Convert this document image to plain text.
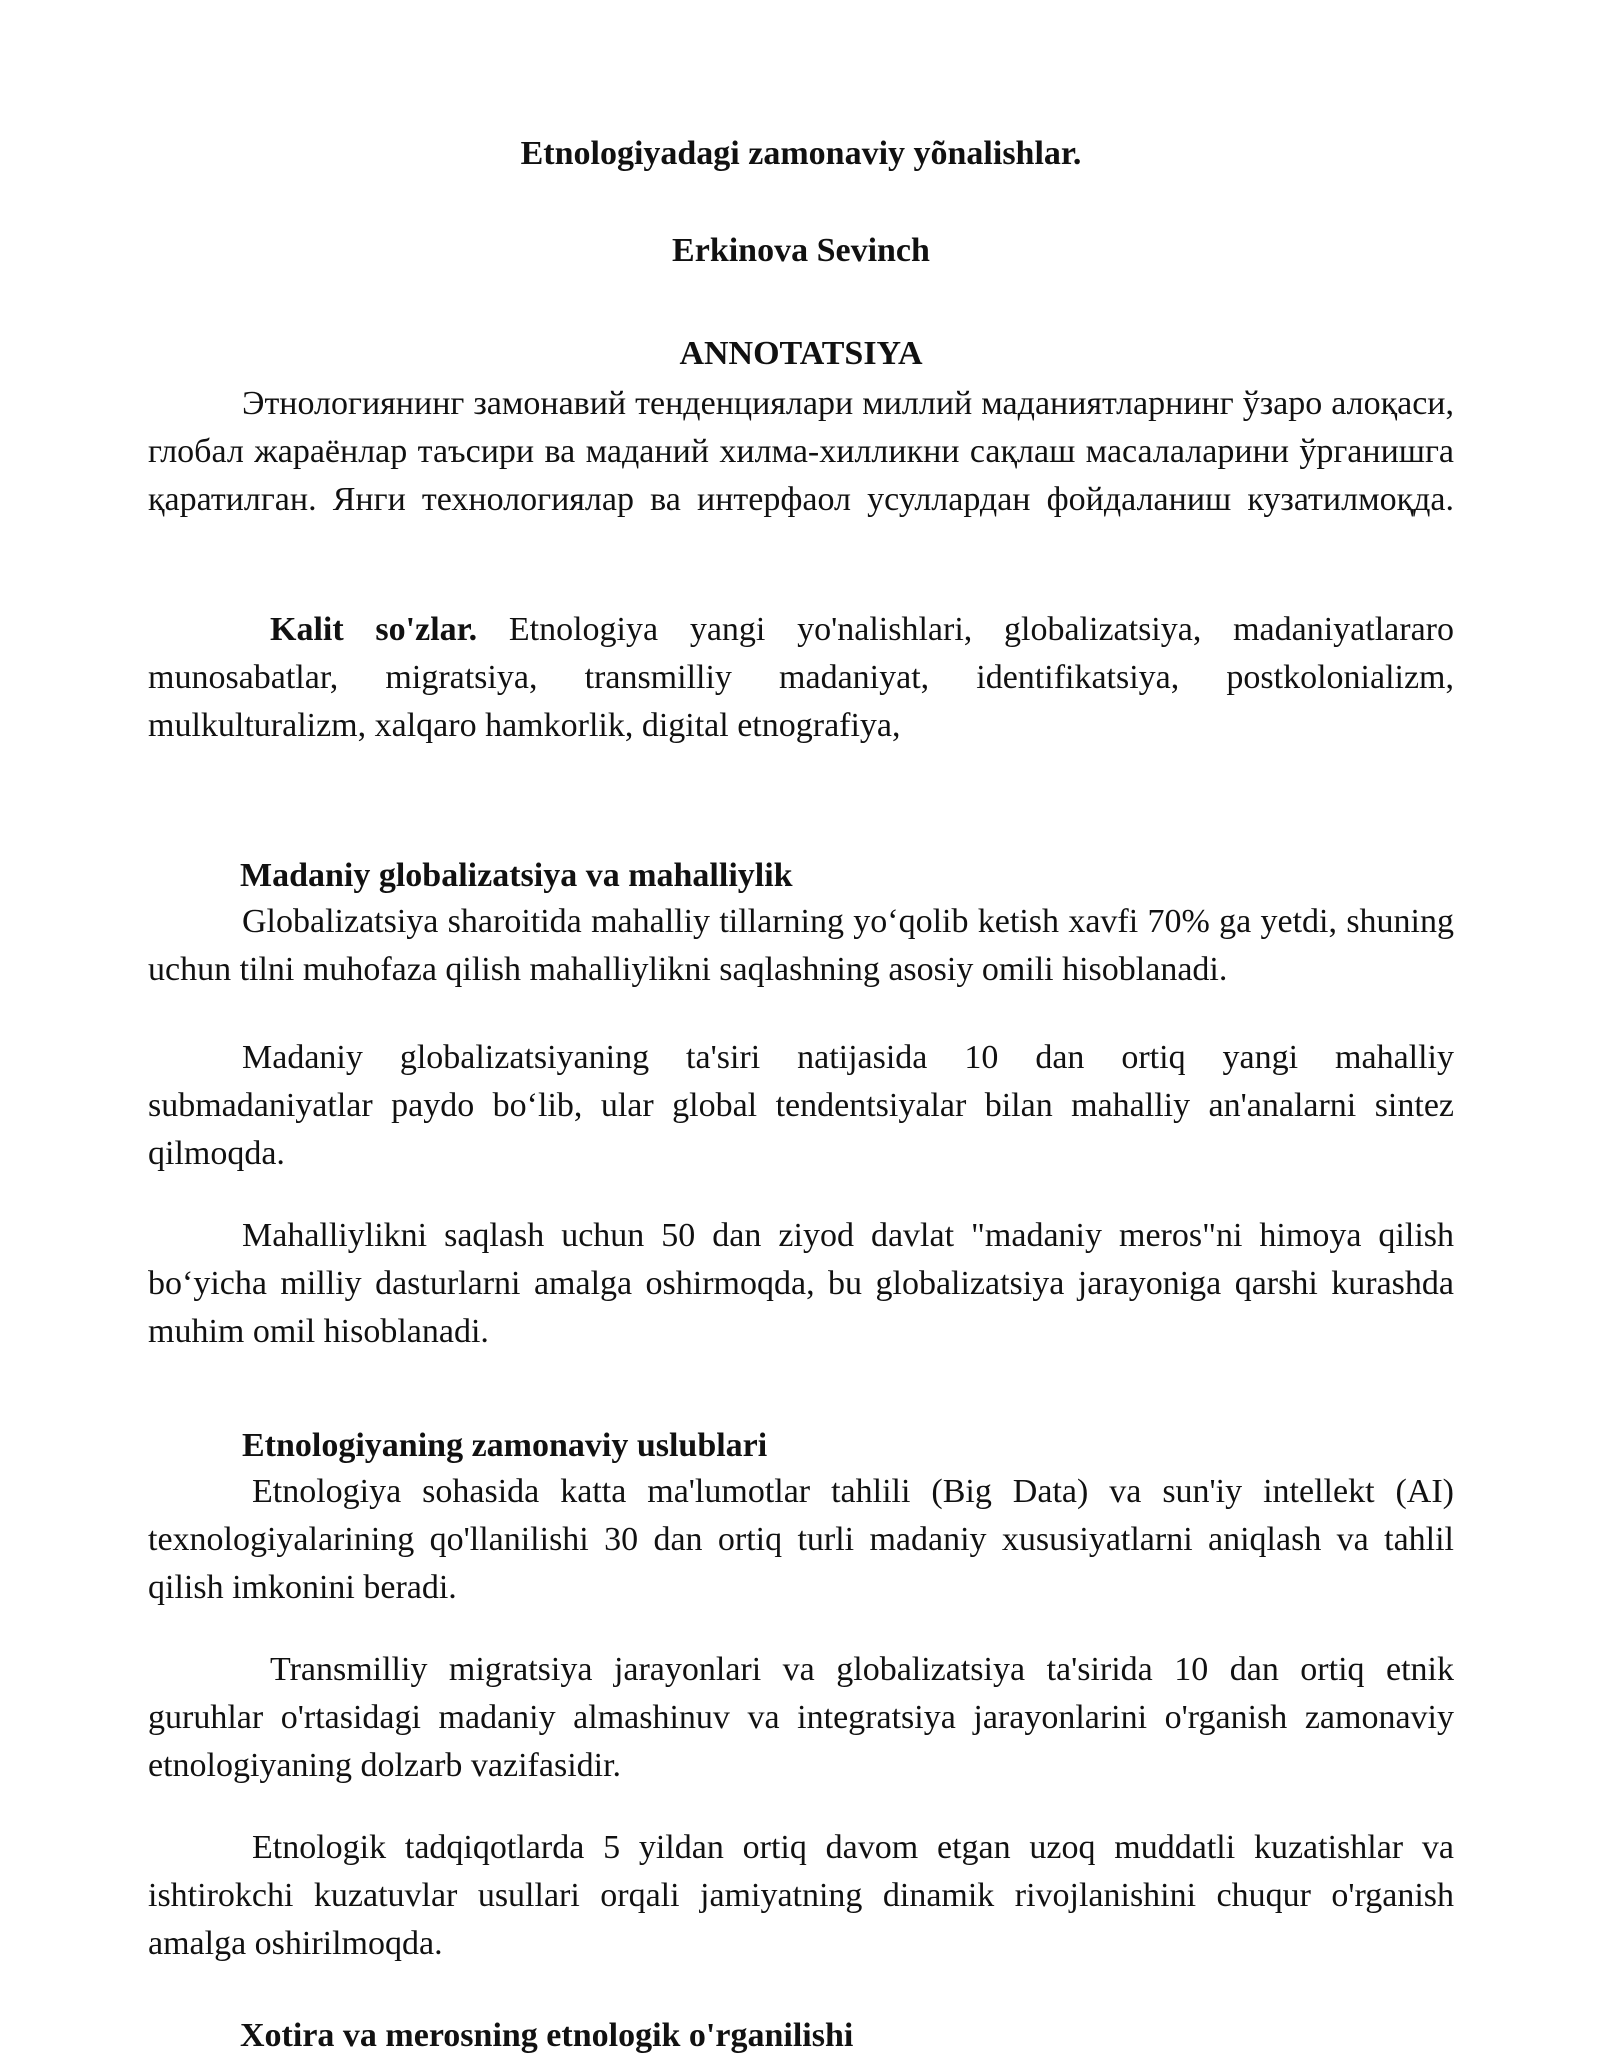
Etnologiyadagi zamonaviy yõnalishlar.
Erkinova Sevinch
ANNOTATSIYA

Этнологиянинг замонавий тенденциялари миллий маданиятларнинг ўзаро алоқаси, глобал жараёнлар таъсири ва маданий хилма-хилликни сақлаш масалаларини ўрганишга қаратилган. Янги технологиялар ва интерфаол усуллардан фойдаланиш кузатилмоқда.

Kalit so'zlar. Etnologiya yangi yo'nalishlari, globalizatsiya, madaniyatlararo munosabatlar, migratsiya, transmilliy madaniyat, identifikatsiya, postkolonializm, mulkulturalizm, xalqaro hamkorlik, digital etnografiya,

Madaniy globalizatsiya va mahalliylik

Globalizatsiya sharoitida mahalliy tillarning yo‘qolib ketish xavfi 70% ga yetdi, shuning uchun tilni muhofaza qilish mahalliylikni saqlashning asosiy omili hisoblanadi.

Madaniy globalizatsiyaning ta'siri natijasida 10 dan ortiq yangi mahalliy submadaniyatlar paydo bo‘lib, ular global tendentsiyalar bilan mahalliy an'analarni sintez qilmoqda.

Mahalliylikni saqlash uchun 50 dan ziyod davlat "madaniy meros"ni himoya qilish bo‘yicha milliy dasturlarni amalga oshirmoqda, bu globalizatsiya jarayoniga qarshi kurashda muhim omil hisoblanadi.

Etnologiyaning zamonaviy uslublari

Etnologiya sohasida katta ma'lumotlar tahlili (Big Data) va sun'iy intellekt (AI) texnologiyalarining qo'llanilishi 30 dan ortiq turli madaniy xususiyatlarni aniqlash va tahlil qilish imkonini beradi.

Transmilliy migratsiya jarayonlari va globalizatsiya ta'sirida 10 dan ortiq etnik guruhlar o'rtasidagi madaniy almashinuv va integratsiya jarayonlarini o'rganish zamonaviy etnologiyaning dolzarb vazifasidir.

Etnologik tadqiqotlarda 5 yildan ortiq davom etgan uzoq muddatli kuzatishlar va ishtirokchi kuzatuvlar usullari orqali jamiyatning dinamik rivojlanishini chuqur o'rganish amalga oshirilmoqda.

Xotira va merosning etnologik o'rganilishi
